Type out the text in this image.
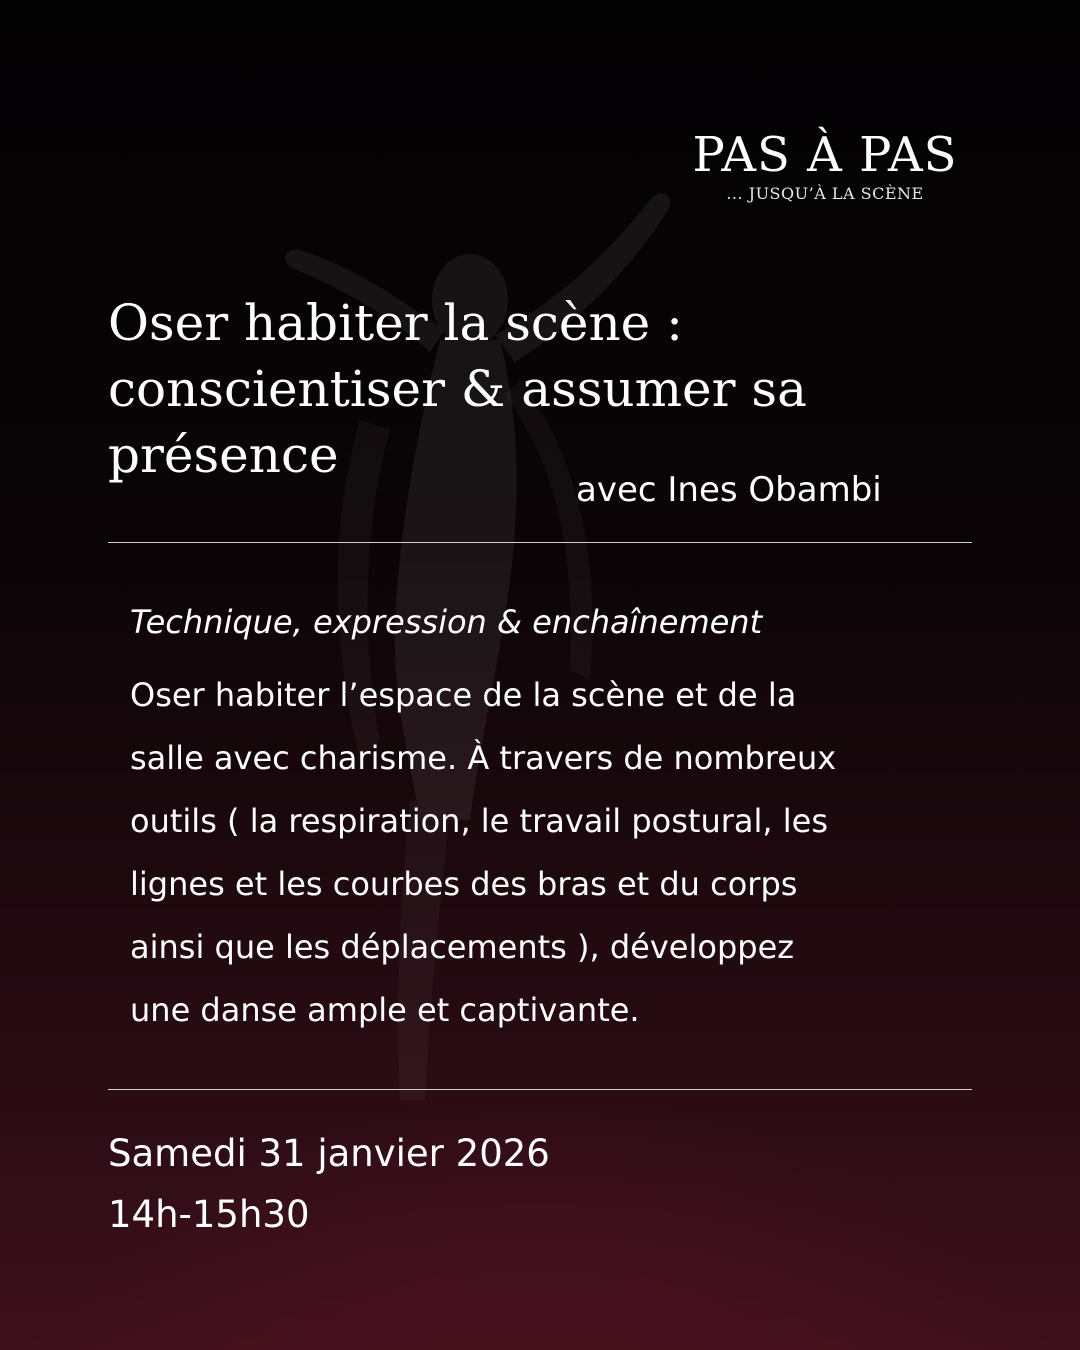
PAS À PAS
... JUSQU’À LA SCÈNE
Oser habiter la scène :
conscientiser & assumer sa
présence
avec Ines Obambi
Technique, expression & enchaînement

Oser habiter l’espace de la scène et de la
salle avec charisme. À travers de nombreux
outils ( la respiration, le travail postural, les
lignes et les courbes des bras et du corps
ainsi que les déplacements ), développez
une danse ample et captivante.

Samedi 31 janvier 2026
14h-15h30
